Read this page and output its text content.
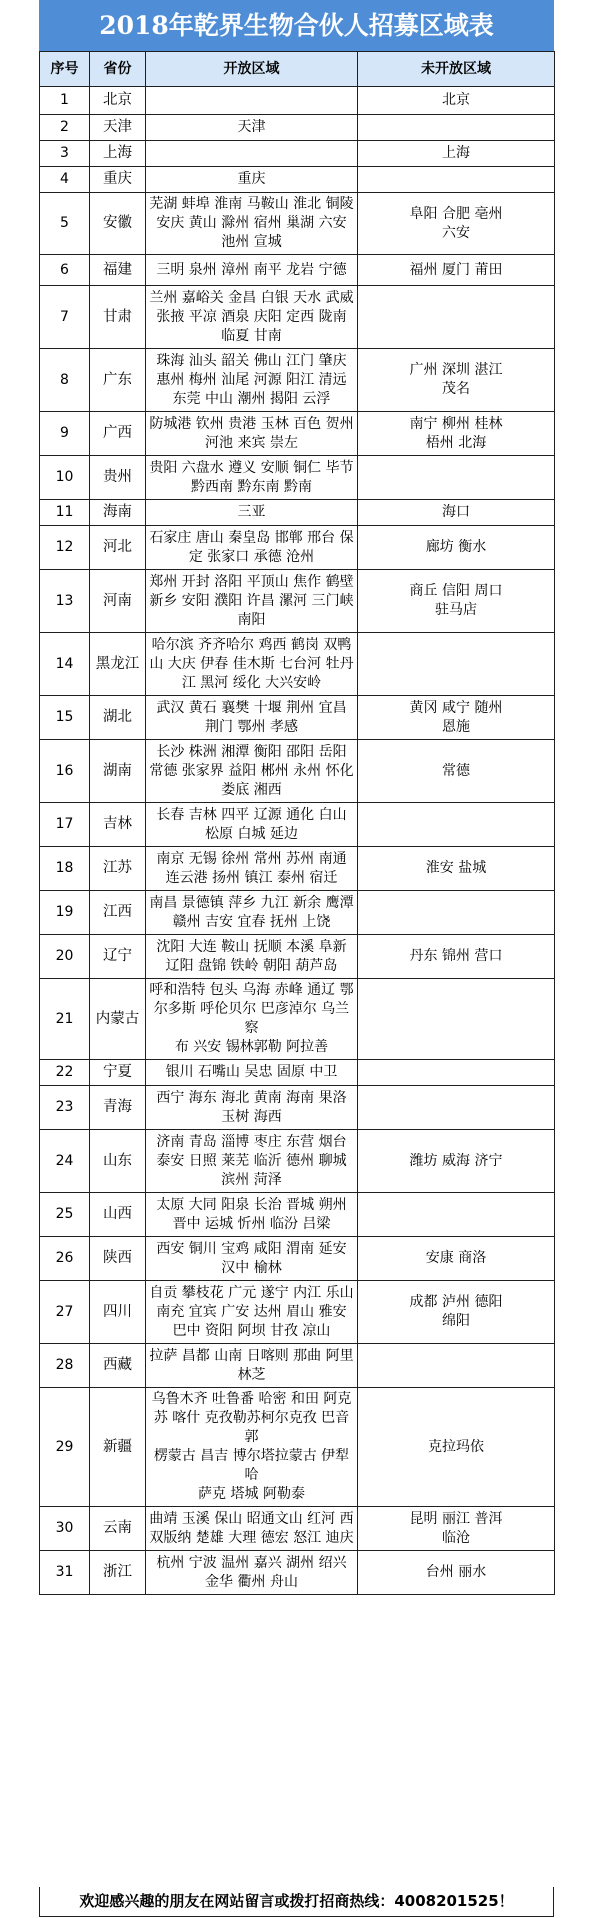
2018年乾界生物合伙人招募区域表
序号	省份	开放区域	未开放区域
1	北京		北京
2	天津	天津	
3	上海		上海
4	重庆	重庆	
5	安徽	芜湖 蚌埠 淮南 马鞍山 淮北 铜陵
安庆 黄山 滁州 宿州 巢湖 六安
池州 宣城	阜阳 合肥 亳州
六安
6	福建	三明 泉州 漳州 南平 龙岩 宁德	福州 厦门 莆田
7	甘肃	兰州 嘉峪关 金昌 白银 天水 武威
张掖 平凉 酒泉 庆阳 定西 陇南
临夏 甘南	
8	广东	珠海 汕头 韶关 佛山 江门 肇庆
惠州 梅州 汕尾 河源 阳江 清远
东莞 中山 潮州 揭阳 云浮	广州 深圳 湛江
茂名
9	广西	防城港 钦州 贵港 玉林 百色 贺州
河池 来宾 崇左	南宁 柳州 桂林
梧州 北海
10	贵州	贵阳 六盘水 遵义 安顺 铜仁 毕节
黔西南 黔东南 黔南	
11	海南	三亚	海口
12	河北	石家庄 唐山 秦皇岛 邯郸 邢台 保
定 张家口 承德 沧州	廊坊 衡水
13	河南	郑州 开封 洛阳 平顶山 焦作 鹤壁
新乡 安阳 濮阳 许昌 漯河 三门峡
南阳	商丘 信阳 周口
驻马店
14	黑龙江	哈尔滨 齐齐哈尔 鸡西 鹤岗 双鸭
山 大庆 伊春 佳木斯 七台河 牡丹
江 黑河 绥化 大兴安岭	
15	湖北	武汉 黄石 襄樊 十堰 荆州 宜昌
荆门 鄂州 孝感	黄冈 咸宁 随州
恩施
16	湖南	长沙 株洲 湘潭 衡阳 邵阳 岳阳
常德 张家界 益阳 郴州 永州 怀化
娄底 湘西	常德
17	吉林	长春 吉林 四平 辽源 通化 白山
松原 白城 延边	
18	江苏	南京 无锡 徐州 常州 苏州 南通
连云港 扬州 镇江 泰州 宿迁	淮安 盐城
19	江西	南昌 景德镇 萍乡 九江 新余 鹰潭
赣州 吉安 宜春 抚州 上饶	
20	辽宁	沈阳 大连 鞍山 抚顺 本溪 阜新
辽阳 盘锦 铁岭 朝阳 葫芦岛	丹东 锦州 营口
21	内蒙古	呼和浩特 包头 乌海 赤峰 通辽 鄂
尔多斯 呼伦贝尔 巴彦淖尔 乌兰察
布 兴安 锡林郭勒 阿拉善	
22	宁夏	银川 石嘴山 吴忠 固原 中卫	
23	青海	西宁 海东 海北 黄南 海南 果洛
玉树 海西	
24	山东	济南 青岛 淄博 枣庄 东营 烟台
泰安 日照 莱芜 临沂 德州 聊城
滨州 菏泽	潍坊 威海 济宁
25	山西	太原 大同 阳泉 长治 晋城 朔州
晋中 运城 忻州 临汾 吕梁	
26	陕西	西安 铜川 宝鸡 咸阳 渭南 延安
汉中 榆林	安康 商洛
27	四川	自贡 攀枝花 广元 遂宁 内江 乐山
南充 宜宾 广安 达州 眉山 雅安
巴中 资阳 阿坝 甘孜 凉山	成都 泸州 德阳
绵阳
28	西藏	拉萨 昌都 山南 日喀则 那曲 阿里
林芝	
29	新疆	乌鲁木齐 吐鲁番 哈密 和田 阿克
苏 喀什 克孜勒苏柯尔克孜 巴音郭
楞蒙古 昌吉 博尔塔拉蒙古 伊犁哈
萨克 塔城 阿勒泰	克拉玛依
30	云南	曲靖 玉溪 保山 昭通文山 红河 西
双版纳 楚雄 大理 德宏 怒江 迪庆	昆明 丽江 普洱
临沧
31	浙江	杭州 宁波 温州 嘉兴 湖州 绍兴
金华 衢州 舟山	台州 丽水
欢迎感兴趣的朋友在网站留言或拨打招商热线：4008201525！
